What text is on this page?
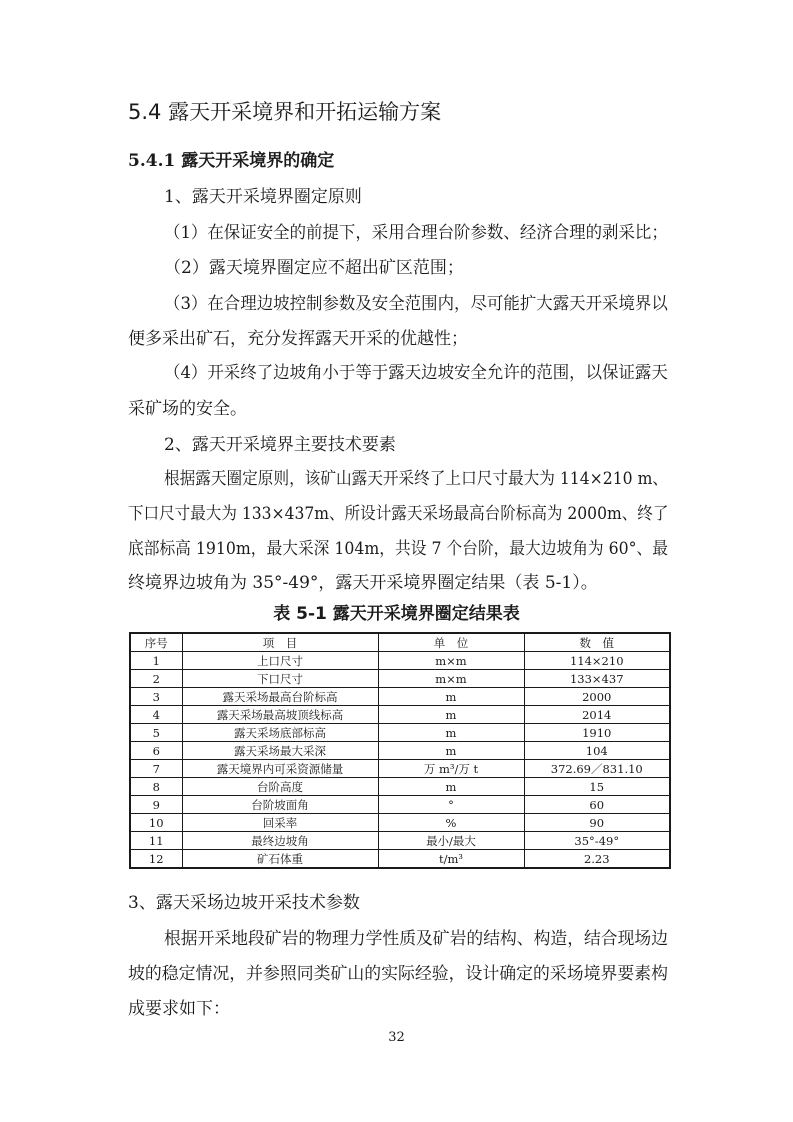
5.4 露天开采境界和开拓运输方案
5.4.1 露天开采境界的确定
1、露天开采境界圈定原则
（1）在保证安全的前提下，采用合理台阶参数、经济合理的剥采比；
（2）露天境界圈定应不超出矿区范围；
（3）在合理边坡控制参数及安全范围内，尽可能扩大露天开采境界以
便多采出矿石，充分发挥露天开采的优越性；
（4）开采终了边坡角小于等于露天边坡安全允许的范围，以保证露天
采矿场的安全。
2、露天开采境界主要技术要素
根据露天圈定原则，该矿山露天开采终了上口尺寸最大为 114×210 m、
下口尺寸最大为 133×437m、所设计露天采场最高台阶标高为 2000m、终了
底部标高 1910m，最大采深 104m，共设 7 个台阶，最大边坡角为 60°、最
终境界边坡角为 35°-49°，露天开采境界圈定结果（表 5-1）。
表 5-1 露天开采境界圈定结果表
序号	项　目	单　位	数　值
1	上口尺寸	m×m	114×210
2	下口尺寸	m×m	133×437
3	露天采场最高台阶标高	m	2000
4	露天采场最高坡顶线标高	m	2014
5	露天采场底部标高	m	1910
6	露天采场最大采深	m	104
7	露天境界内可采资源储量	万 m³/万 t	372.69／831.10
8	台阶高度	m	15
9	台阶坡面角	°	60
10	回采率	%	90
11	最终边坡角	最小/最大	35°-49°
12	矿石体重	t/m³	2.23
3、露天采场边坡开采技术参数
根据开采地段矿岩的物理力学性质及矿岩的结构、构造，结合现场边
坡的稳定情况，并参照同类矿山的实际经验，设计确定的采场境界要素构
成要求如下：
32
